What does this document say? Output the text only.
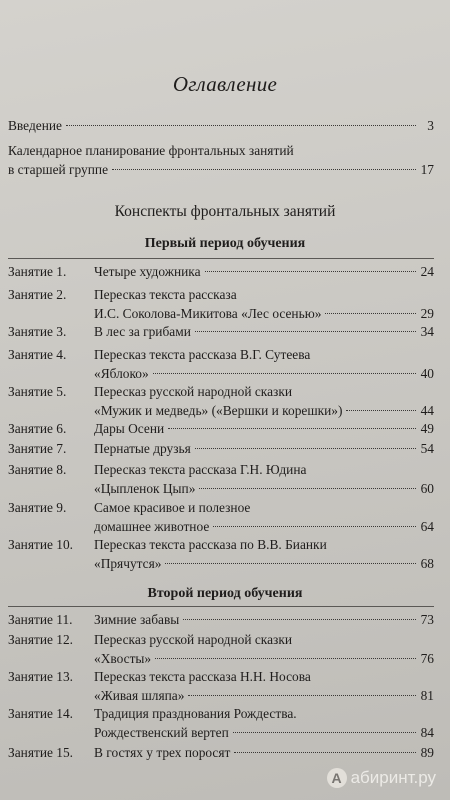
Оглавление
Введение	3
Календарное планирование фронтальных занятий
в старшей группе	17
Конспекты фронтальных занятий
Первый период обучения
Занятие 1. Четыре художника	24
Занятие 2. Пересказ текста рассказа
И.С. Соколова-Микитова «Лес осенью»	29
Занятие 3. В лес за грибами	34
Занятие 4. Пересказ текста рассказа В.Г. Сутеева
«Яблоко»	40
Занятие 5. Пересказ русской народной сказки
«Мужик и медведь» («Вершки и корешки»)	44
Занятие 6. Дары Осени	49
Занятие 7. Пернатые друзья	54
Занятие 8. Пересказ текста рассказа Г.Н. Юдина
«Цыпленок Цып»	60
Занятие 9. Самое красивое и полезное
домашнее животное	64
Занятие 10. Пересказ текста рассказа по В.В. Бианки
«Прячутся»	68
Второй период обучения
Занятие 11. Зимние забавы	73
Занятие 12. Пересказ русской народной сказки
«Хвосты»	76
Занятие 13. Пересказ текста рассказа Н.Н. Носова
«Живая шляпа»	81
Занятие 14. Традиция празднования Рождества.
Рождественский вертеп	84
Занятие 15. В гостях у трех поросят	89
А абиринт.ру
